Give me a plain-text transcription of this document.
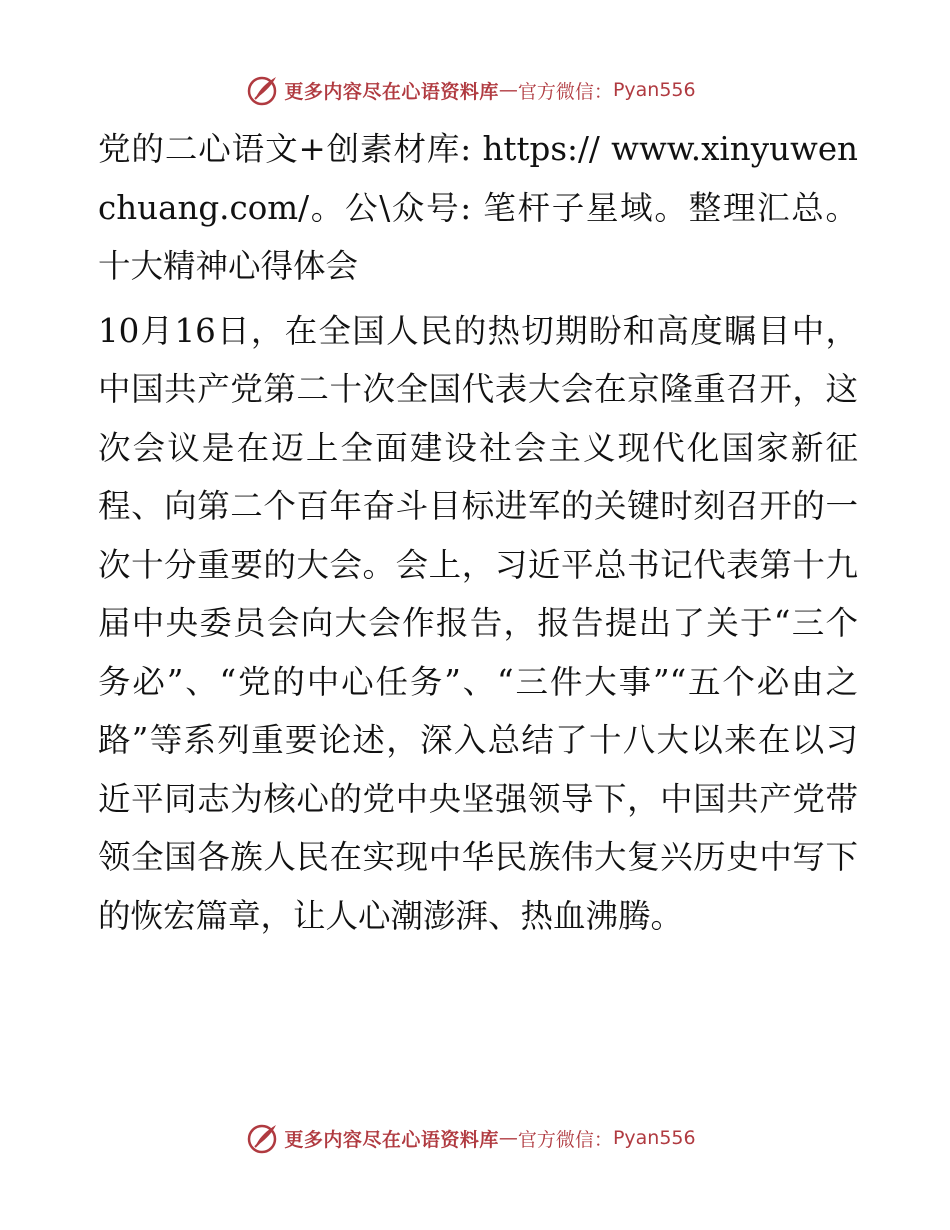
更多内容尽在心语资料库 — 官方微信： Pyan556

党的二心语文+创素材库: https:// www.xinyuwenchuang.com/。公\众号: 笔杆子星域。整理汇总。十大精神心得体会

10月16日，在全国人民的热切期盼和高度瞩目中，中国共产党第二十次全国代表大会在京隆重召开，这次会议是在迈上全面建设社会主义现代化国家新征程、向第二个百年奋斗目标进军的关键时刻召开的一次十分重要的大会。会上，习近平总书记代表第十九届中央委员会向大会作报告，报告提出了关于“三个务必”、“党的中心任务”、“三件大事”“五个必由之路”等系列重要论述，深入总结了十八大以来在以习近平同志为核心的党中央坚强领导下，中国共产党带领全国各族人民在实现中华民族伟大复兴历史中写下的恢宏篇章，让人心潮澎湃、热血沸腾。

更多内容尽在心语资料库 — 官方微信： Pyan556
